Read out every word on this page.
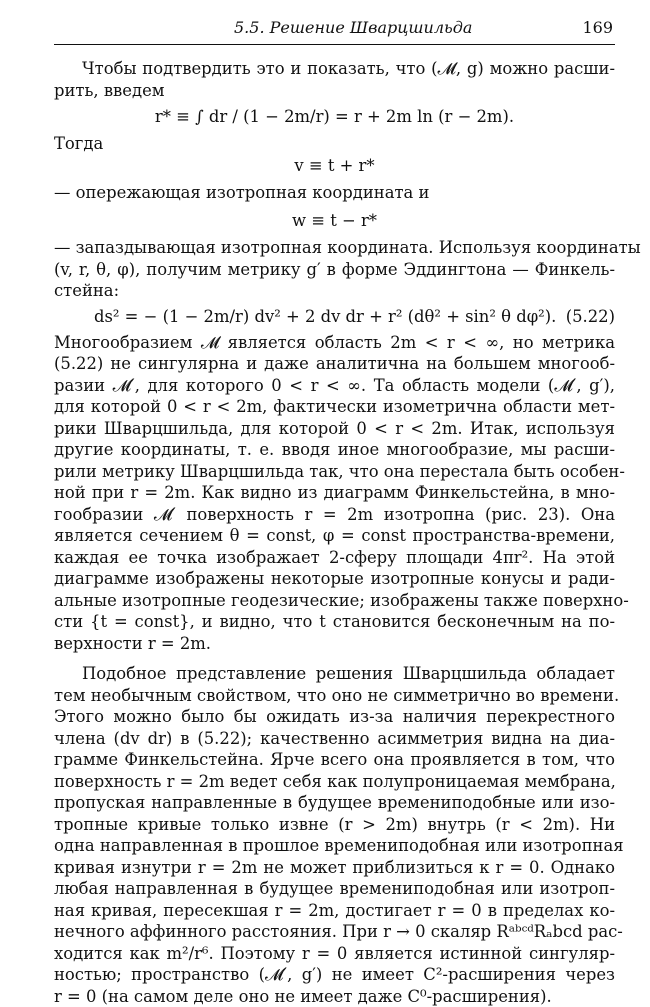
5.5. Решение Шварцшильда	169
Чтобы подтвердить это и показать, что (𝓜, g) можно расши-
рить, введем
r* ≡ ∫ dr / (1 − 2m/r) = r + 2m ln (r − 2m).
Тогда
v ≡ t + r*
— опережающая изотропная координата и
w ≡ t − r*
— запаздывающая изотропная координата. Используя координаты
(v, r, θ, φ), получим метрику g′ в форме Эддингтона — Финкель-
стейна:
ds² = − (1 − 2m/r) dv² + 2 dv dr + r² (dθ² + sin² θ dφ²). (5.22)
Многообразием 𝓜 является область 2m < r < ∞, но метрика
(5.22) не сингулярна и даже аналитична на большем многооб-
разии 𝓜′, для которого 0 < r < ∞. Та область модели (𝓜′, g′),
для которой 0 < r < 2m, фактически изометрична области мет-
рики Шварцшильда, для которой 0 < r < 2m. Итак, используя
другие координаты, т. е. вводя иное многообразие, мы расши-
рили метрику Шварцшильда так, что она перестала быть особен-
ной при r = 2m. Как видно из диаграмм Финкельстейна, в мно-
гообразии 𝓜′ поверхность r = 2m изотропна (рис. 23). Она
является сечением θ = const, φ = const пространства-времени,
каждая ее точка изображает 2-сферу площади 4πr². На этой
диаграмме изображены некоторые изотропные конусы и ради-
альные изотропные геодезические; изображены также поверхно-
сти {t = const}, и видно, что t становится бесконечным на по-
верхности r = 2m.
Подобное представление решения Шварцшильда обладает
тем необычным свойством, что оно не симметрично во времени.
Этого можно было бы ожидать из-за наличия перекрестного
члена (dv dr) в (5.22); качественно асимметрия видна на диа-
грамме Финкельстейна. Ярче всего она проявляется в том, что
поверхность r = 2m ведет себя как полупроницаемая мембрана,
пропуская направленные в будущее времениподобные или изо-
тропные кривые только извне (r > 2m) внутрь (r < 2m). Ни
одна направленная в прошлое времениподобная или изотропная
кривая изнутри r = 2m не может приблизиться к r = 0. Однако
любая направленная в будущее времениподобная или изотроп-
ная кривая, пересекшая r = 2m, достигает r = 0 в пределах ко-
нечного аффинного расстояния. При r → 0 скаляр RᵃᵇᶜᵈRₐbcd рас-
ходится как m²/r⁶. Поэтому r = 0 является истинной сингуляр-
ностью; пространство (𝓜′, g′) не имеет C²-расширения через
r = 0 (на самом деле оно не имеет даже C⁰-расширения).
